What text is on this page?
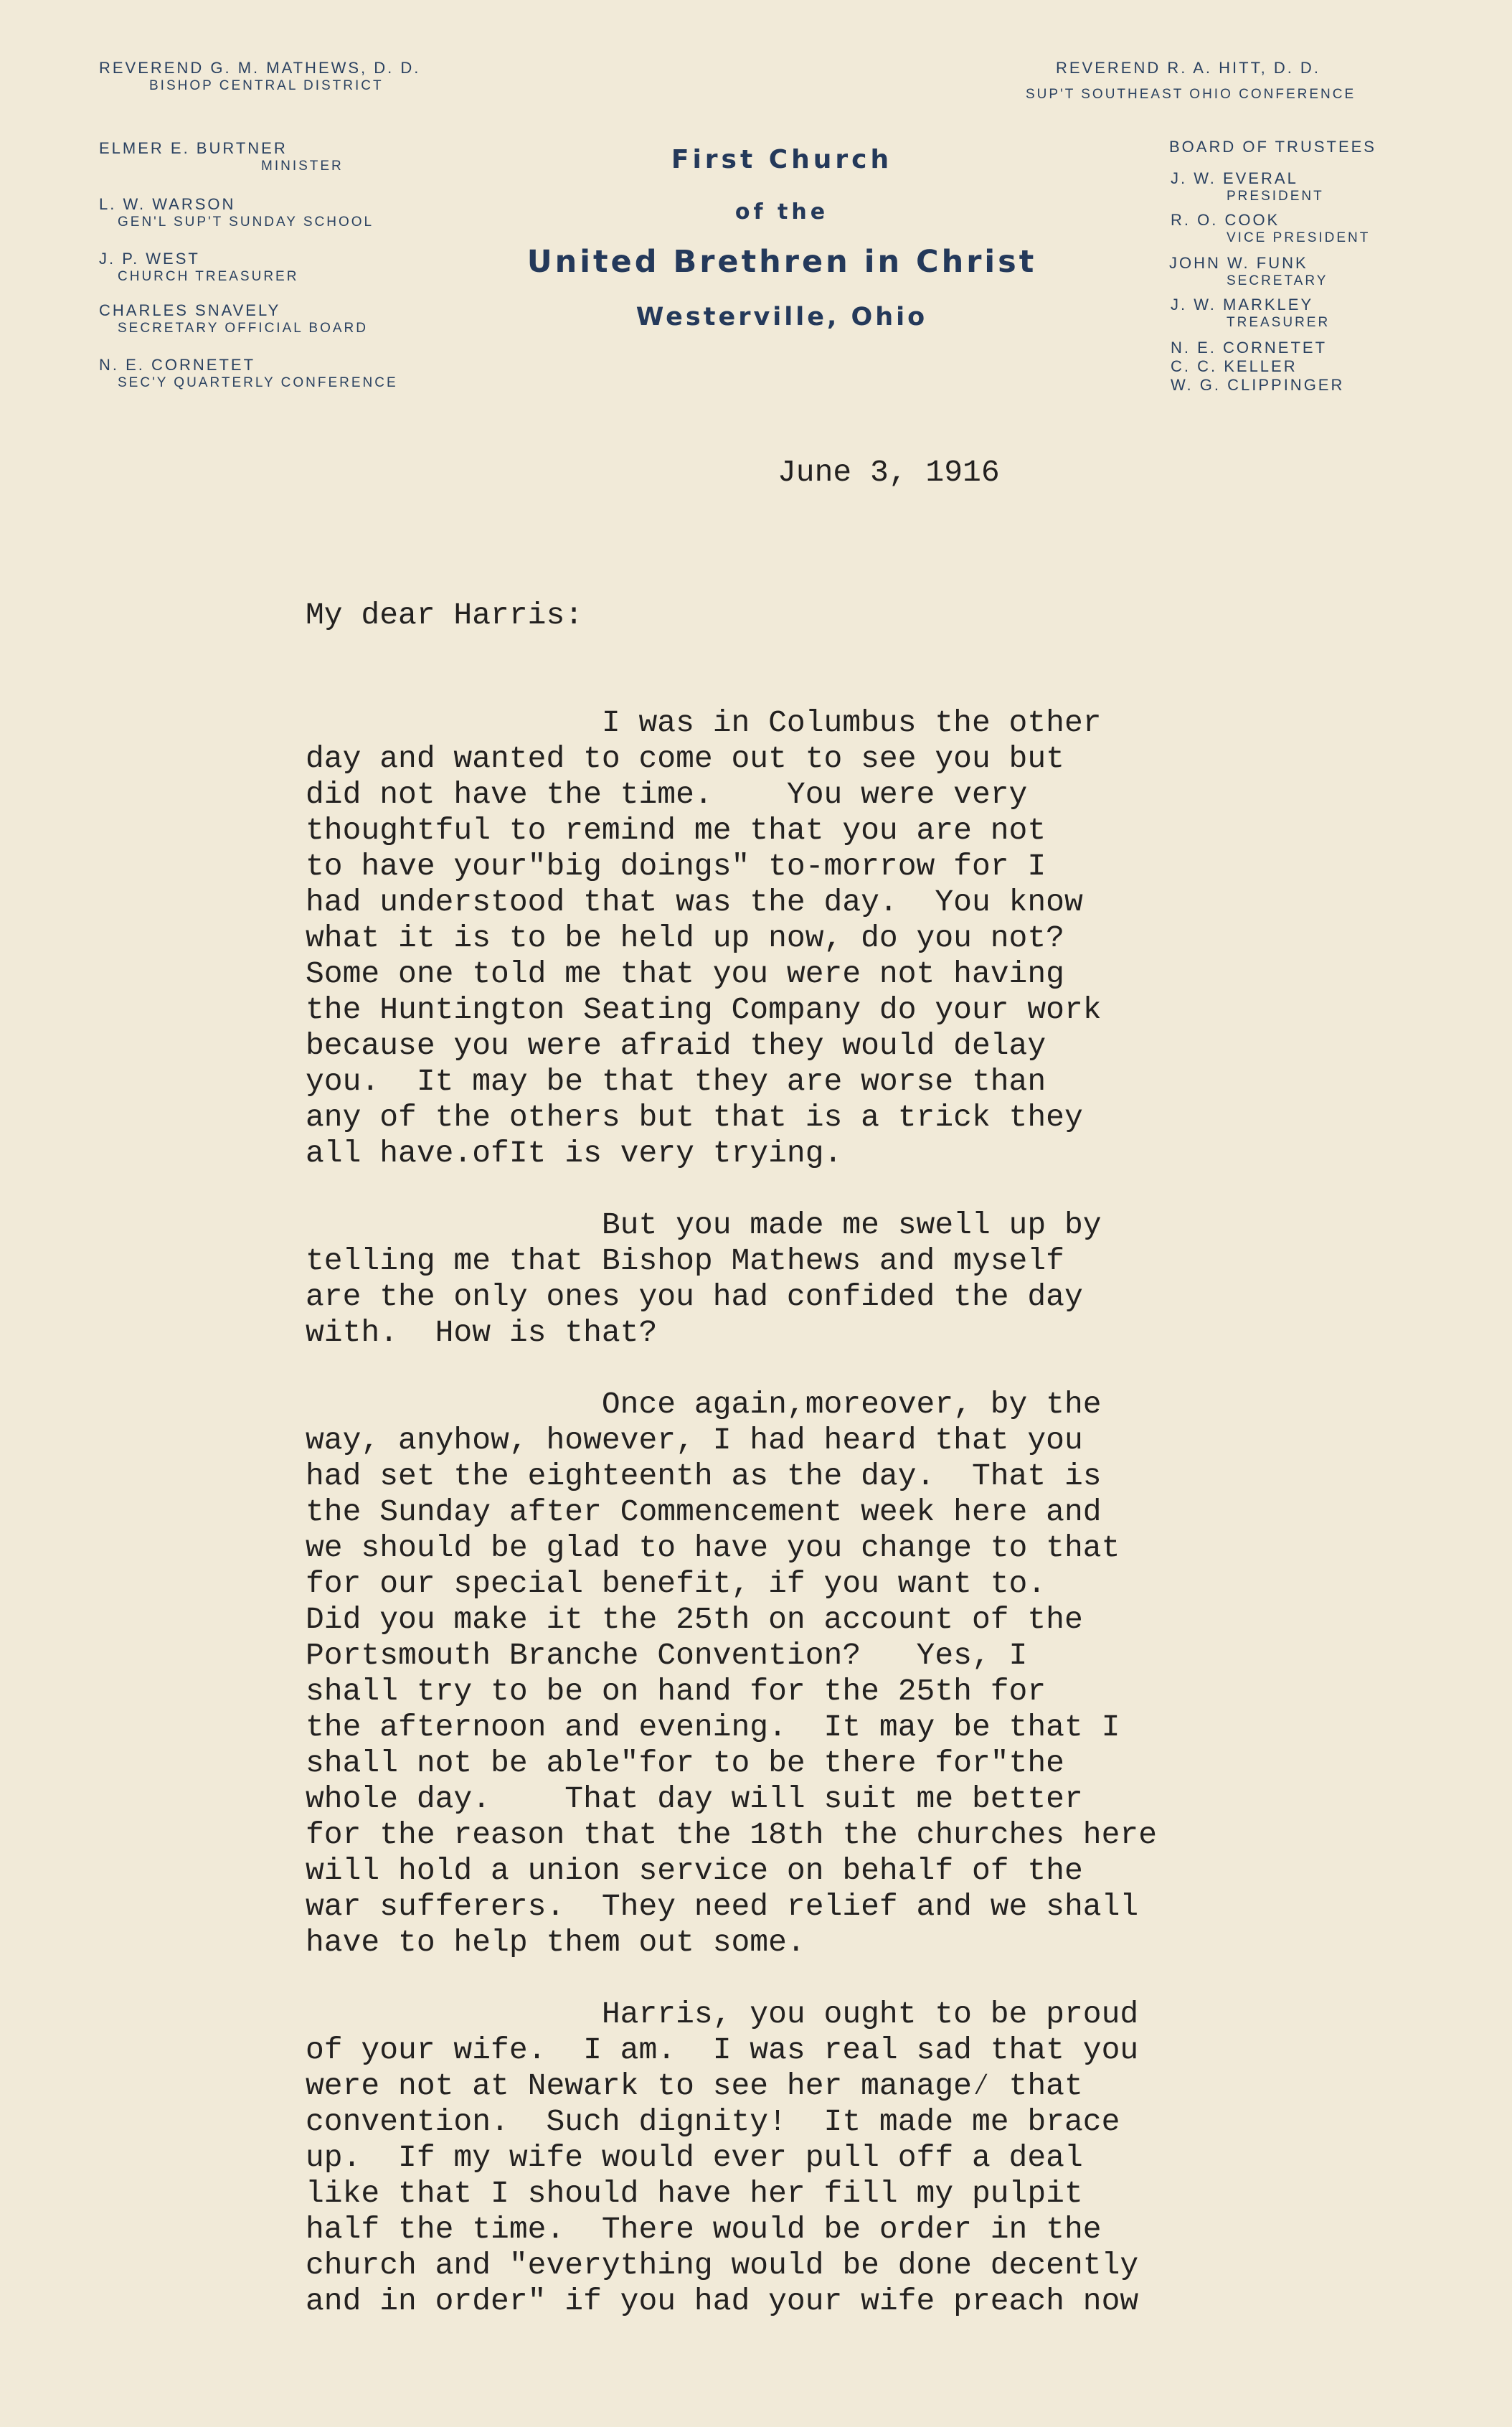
REVEREND G. M. MATHEWS, D. D.
BISHOP CENTRAL DISTRICT
ELMER E. BURTNER
MINISTER
L. W. WARSON
GEN'L SUP'T SUNDAY SCHOOL
J. P. WEST
CHURCH TREASURER
CHARLES SNAVELY
SECRETARY OFFICIAL BOARD
N. E. CORNETET
SEC'Y QUARTERLY CONFERENCE
First Church
of the
United Brethren in Christ
Westerville, Ohio
REVEREND R. A. HITT, D. D.
SUP'T SOUTHEAST OHIO CONFERENCE
BOARD OF TRUSTEES
J. W. EVERAL
PRESIDENT
R. O. COOK
VICE PRESIDENT
JOHN W. FUNK
SECRETARY
J. W. MARKLEY
TREASURER
N. E. CORNETET
C. C. KELLER
W. G. CLIPPINGER
June 3, 1916

My dear Harris:

I was in Columbus the other
day and wanted to come out to see you but
did not have the time.    You were very
thoughtful to remind me that you are not
to have your"big doings" to-morrow for I
had understood that was the day.  You know
what it is to be held up now, do you not?
Some one told me that you were not having
the Huntington Seating Company do your work
because you were afraid they would delay
you.  It may be that they are worse than
any of the others but that is a trick they
all have.ofIt is very trying.
But you made me swell up by
telling me that Bishop Mathews and myself
are the only ones you had confided the day
with.  How is that?
Once again,moreover, by the
way, anyhow, however, I had heard that you
had set the eighteenth as the day.  That is
the Sunday after Commencement week here and
we should be glad to have you change to that
for our special benefit, if you want to.
Did you make it the 25th on account of the
Portsmouth Branche Convention?   Yes, I
shall try to be on hand for the 25th for
the afternoon and evening.  It may be that I
shall not be able"for to be there for"the
whole day.    That day will suit me better
for the reason that the 18th the churches here
will hold a union service on behalf of the
war sufferers.  They need relief and we shall
have to help them out some.
Harris, you ought to be proud
of your wife.  I am.  I was real sad that you
were not at Newark to see her manage⁄ that
convention.  Such dignity!  It made me brace
up.  If my wife would ever pull off a deal
like that I should have her fill my pulpit
half the time.  There would be order in the
church and "everything would be done decently
and in order" if you had your wife preach now
